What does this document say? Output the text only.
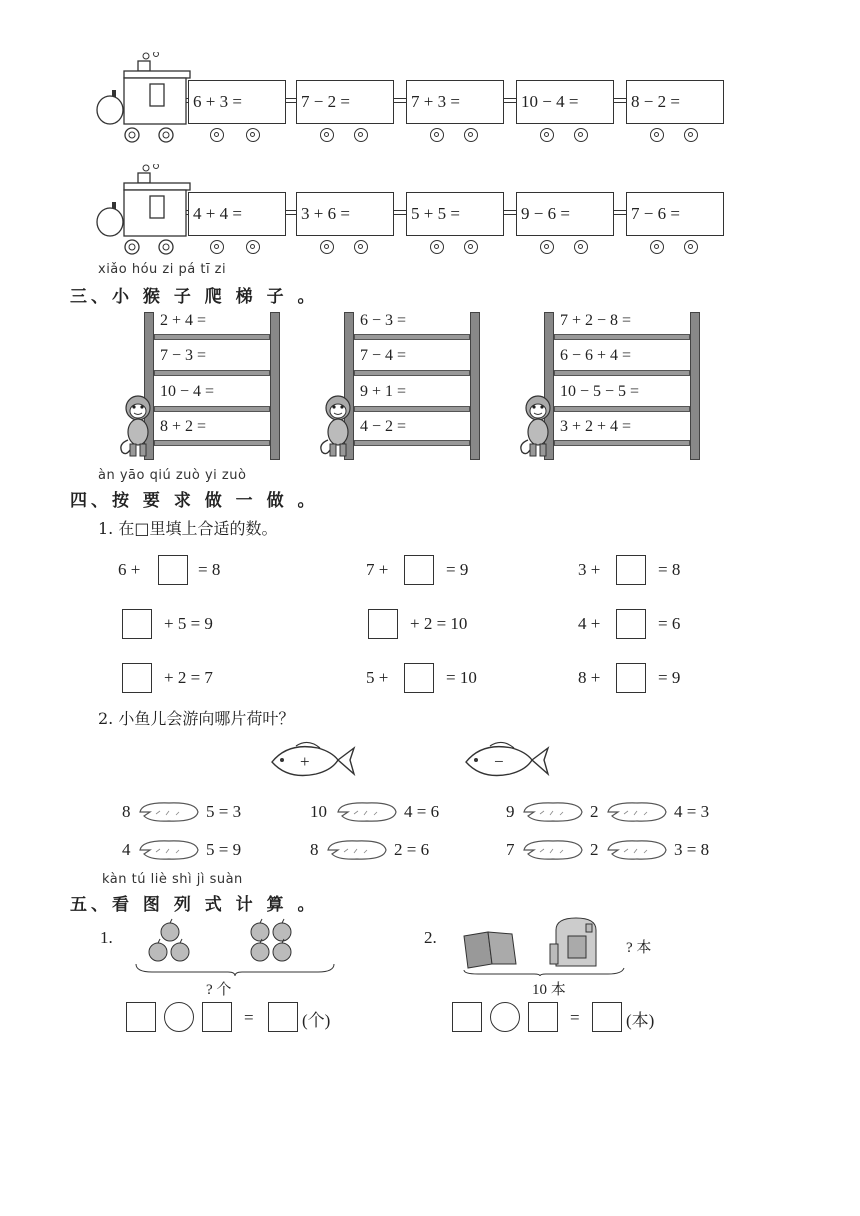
6 + 3 =	7 − 2 =	7 + 3 =	10 − 4 =	8 − 2 =
4 + 4 =	3 + 6 =	5 + 5 =	9 − 6 =	7 − 6 =
xiǎo hóu zi pá tī zi
三、小 猴 子 爬 梯 子 。
2 + 4 =
7 − 3 =
10 − 4 =
8 + 2 =
6 − 3 =
7 − 4 =
9 + 1 =
4 − 2 =
7 + 2 − 8 =
6 − 6 + 4 =
10 − 5 − 5 =
3 + 2 + 4 =
àn yāo qiú zuò yi zuò
四、按 要 求 做 一 做 。
1. 在□里填上合适的数。
6 +	= 8	7 +	= 9	3 +	= 8
+ 5 = 9	+ 2 = 10	4 +	= 6
+ 2 = 7	5 +	= 10	8 +	= 9
2. 小鱼儿会游向哪片荷叶？
+	−
8	5 = 3	10	4 = 6	9	2	4 = 3
4	5 = 9	8	2 = 6	7	2	3 = 8
kàn tú liè shì jì suàn
五、看 图 列 式 计 算 。
1.
? 个
=	(个)
2.
? 本
10 本
=	(本)
